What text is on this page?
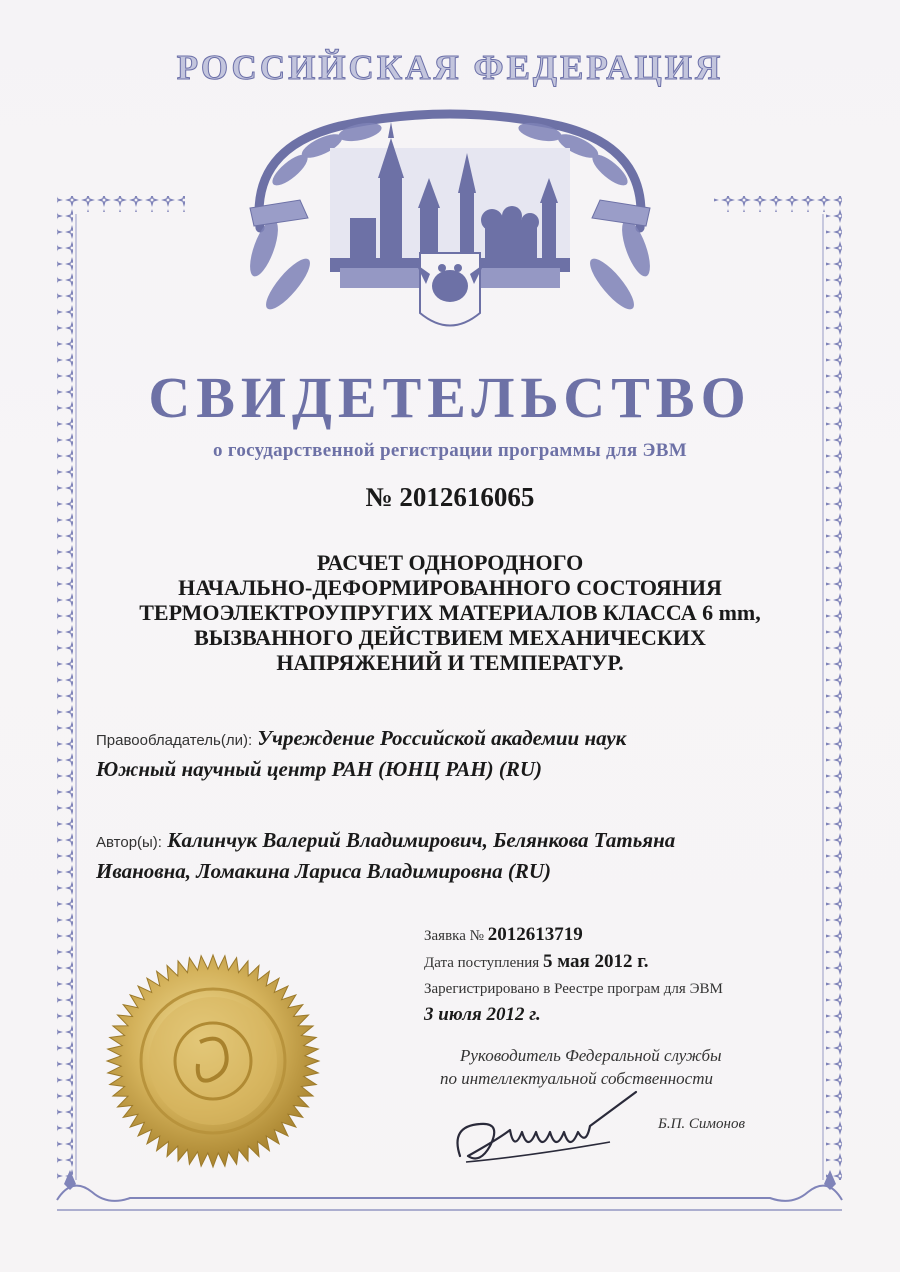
РОССИЙСКАЯ ФЕДЕРАЦИЯ
СВИДЕТЕЛЬСТВО
о государственной регистрации программы для ЭВМ
№ 2012616065
РАСЧЕТ ОДНОРОДНОГО
НАЧАЛЬНО-ДЕФОРМИРОВАННОГО СОСТОЯНИЯ
ТЕРМОЭЛЕКТРОУПРУГИХ МАТЕРИАЛОВ КЛАССА 6 mm,
ВЫЗВАННОГО ДЕЙСТВИЕМ МЕХАНИЧЕСКИХ
НАПРЯЖЕНИЙ И ТЕМПЕРАТУР.
Правообладатель(ли): Учреждение Российской академии наук
Южный научный центр РАН (ЮНЦ РАН) (RU)
Автор(ы): Калинчук Валерий Владимирович, Белянкова Татьяна
Ивановна, Ломакина Лариса Владимировна (RU)
Заявка № 2012613719
Дата поступления 5 мая 2012 г.
Зарегистрировано в Реестре програм для ЭВМ
3 июля 2012 г.
Руководитель Федеральной службы
по интеллектуальной собственности
Б.П. Симонов
